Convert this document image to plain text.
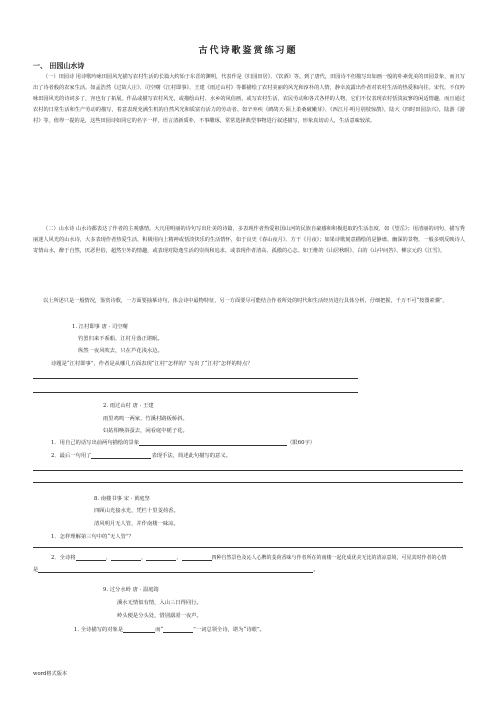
古代诗歌鉴赏练习题
一、 田园山水诗
（一）田园诗 用诗歌吟咏田园风光描写农村生活的长篇大约始于东晋的渊明，代表作是《归园田居》、《饮酒》等。到了唐代，田园诗不但描写出如画一般的朴素优美的田园景象，而且写出了诗者般的农家生活。如孟浩然《过故人庄》、司空曙《江村即事》、王建《雨过山村》等都描绘了农村美丽的风光和淳朴的人情，静幸流露出作者对农村生活的热爱和向往。宋代，不仅吟咏田园风光的诗词多了，容也有了拓展。作品或描写农村风光，或描绘山村、水乡的风俗画，或写农村生活，农民劳动和各式各样的人物，它们不仅表现农村恬淡寂寥的闲适情趣，而且通过农村的日常生活和生产劳动的描写，着意表现充满生机的自然风光和质富有活力的劳动者。如辛弃疾《鹧鸪天·陌上柔桑破嫩芽》、《西江月·明月别枝惊鹊》，陆大《四时田园杂兴》，陆游《游村》等。值得一提的是，这些田园诗如同它的名字一样，语言清新质朴，不事雕琢，常常选择典型事物进行叙述描写，形象真切动人，生活意味较浓。
（二）山水诗 山水诗都表达了作者的主观感情。大凡用明丽的诗句写出壮美的诗篇，多表现作者热爱祖国山河的民族自豪感和积极进取的生活态度，如《望岳》；用清丽的词句，描写秀丽迷人风光的山水诗，大多表现作者热爱生活，积极用向上精神或恬淡快乐的生活情怀，如于良史《春山夜月》、方干《月夜》；如果诗歌刻意描绘的是静谧、幽深的景物，一般多则反映诗人寄情山水，醉于自然，厌恶世俗，超然尘外的情趣，或表现对隐逸生活的崇尚和追求，或表现作者清高、孤傲的心志。如王维的《山居秋暝》、白的《山中问答》、柳宗元的《江雪》。
以上所述只是一般情况，鉴赏诗歌，一方面要抽摹诗句，体会诗中最物特征，另一方面要尽可能结合作者所处的时代和生活经历进行具体分析，仔细把握，千万不可“按图索骥”。
1. 江村即事 唐 · 司空曙
钓罢归来不系船，江村月落正堪眠。
纵然一夜风吹去，只在芦花浅水边。
诗题是“江村即事”，作者是从哪几方面表现“江村”怎样的？写出了“江村”怎样的特点？
2. 雨过山村 唐 · 王建
雨里鸡鸣一两家，竹溪村路板桥斜。
妇姑相唤浴蚕去，闲看庭中栀子花。
1．用自己的话写出前两句描绘的景象	（限60字）
2．最后一句用了	表现手法，简述此句描写的意义。
8. 南楼书事 宋 · 黄庭坚
四顾山光接水光，凭栏十里芰荷香。
清风明月无人管，并作南楼一味凉。
1．怎样理解第三句中的“无人管”？
2．全诗将	、	、	、	四种自然景色及沁人心脾的芰荷香味与作者所在的南楼一起化成优美无比的清凉意境，可见其时作者的心情
是	。
9. 过分水岭 唐 · 温庭筠
溪水无情似有情，入山三日得同行。
岭头便是分头处，惜别潺湲一夜声。
1. 全诗描写的对象是	而“	”一词总领全诗，堪为“诗眼”。
word格式版本
